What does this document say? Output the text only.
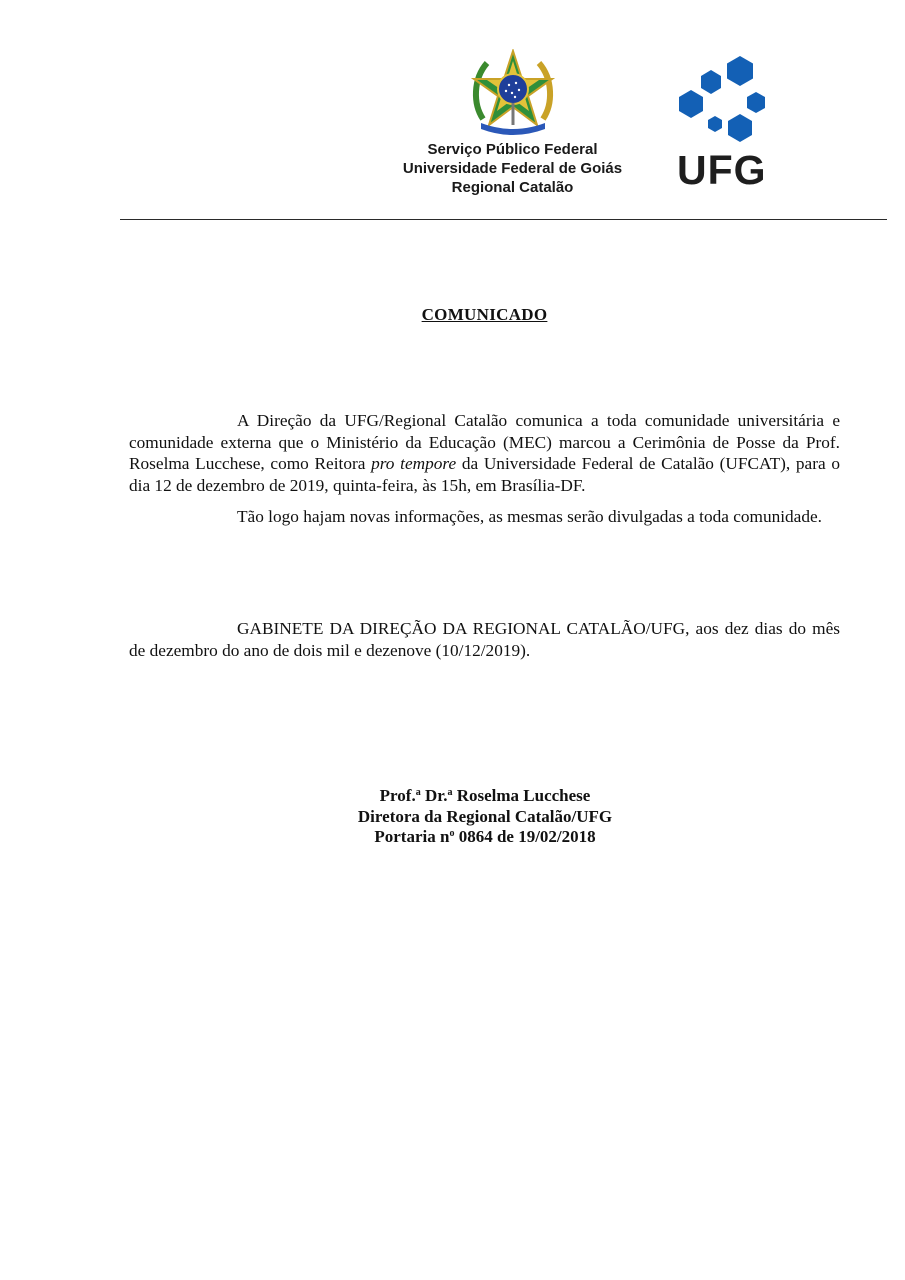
UFG
Serviço Público Federal
Universidade Federal de Goiás
Regional Catalão
COMUNICADO

A Direção da UFG/Regional Catalão comunica a toda comunidade universitária e comunidade externa que o Ministério da Educação (MEC) marcou a Cerimônia de Posse da Prof. Roselma Lucchese, como Reitora pro tempore da Universidade Federal de Catalão (UFCAT), para o dia 12 de dezembro de 2019, quinta-feira, às 15h, em Brasília-DF.

Tão logo hajam novas informações, as mesmas serão divulgadas a toda comunidade.

GABINETE DA DIREÇÃO DA REGIONAL CATALÃO/UFG, aos dez dias do mês de dezembro do ano de dois mil e dezenove (10/12/2019).

Prof.$^a$ Dr.$^a$ Roselma Lucchese
Diretora da Regional Catalão/UFG
Portaria $n^o$ 0864 de 19/02/2018
